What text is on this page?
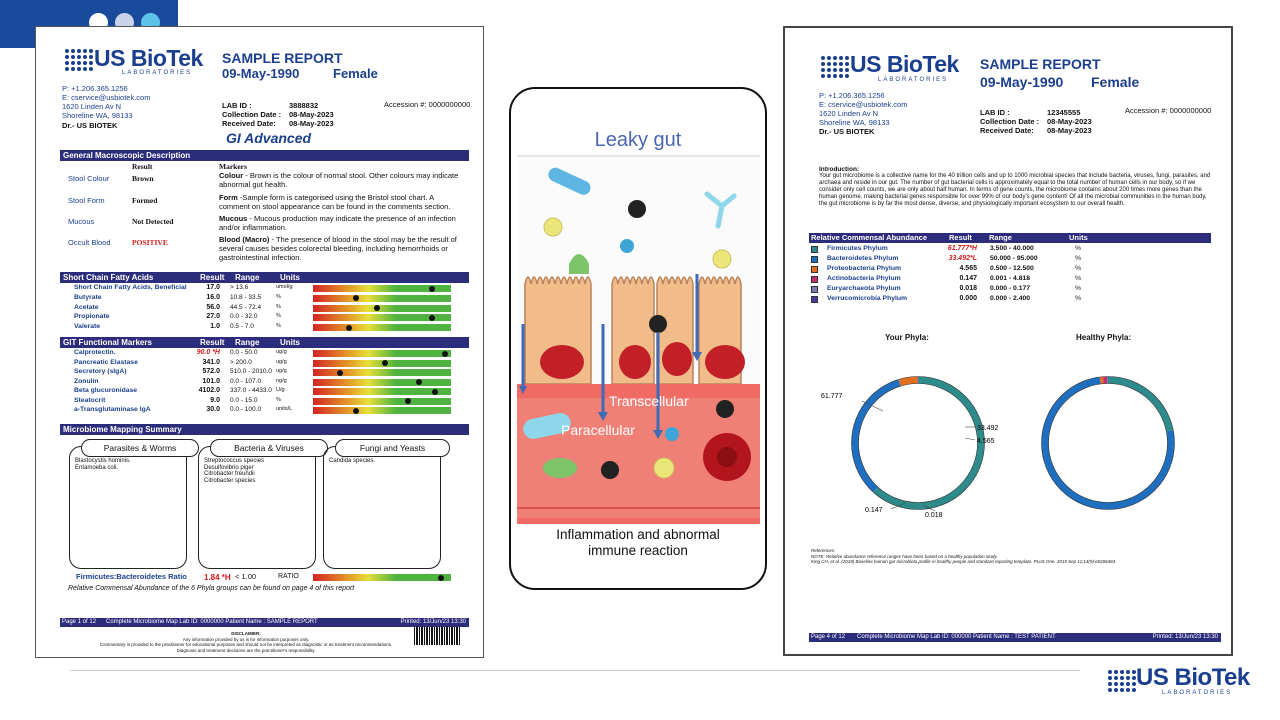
US BioTek
LABORATORIES
SAMPLE REPORT
09-May-1990	Female
P: +1.206.365.1256
E: cservice@usbiotek.com
1620 Linden Av N
Shoreline WA, 98133
Dr.- US BIOTEK
LAB ID :
Collection Date :
Received Date:
3888832
08-May-2023
08-May-2023
Accession #: 0000000000
GI Advanced
General Macroscopic Description
Result	Markers
Short Chain Fatty Acids	Result Range	Units
GIT Functional Markers	Result Range	Units
Microbiome Mapping Summary
Firmicutes:Bacteroidetes Ratio 1.84 *H < 1.00	RATIO
Relative Commensal Abundance of the 6 Phyla groups can be found on page 4 of this report
Page 1 of 12 Complete Microbiome Map Lab ID: 0000000 Patient Name : SAMPLE REPORT	Printed: 13/Jun/23 13:30
DISCLAIMER:
Any information provided by us is for information purposes only.
Commentary is provided to the practitioner for educational purposes and should not be interpreted as diagnostic or as treatment recommendations.
Diagnosis and treatment decisions are the practitioner's responsibility.
Stool Colour	Brown	Colour - Brown is the colour of normal stool. Other colours may indicate abnormal gut health.
Stool Form	Formed	Form -Sample form is categorised using the Bristol stool chart. A comment on stool appearance can be found in the comments section.
Mucous	Not Detected	Mucous - Mucous production may indicate the presence of an infection and/or inflammation.
Occult Blood	POSITIVE	Blood (Macro) - The presence of blood in the stool may be the result of several causes besides colorectal bleeding, including hemorrhoids or gastrointestinal infection.
Short Chain Fatty Acids, Beneficial	17.0 > 13.6	umol/g
Butyrate	16.0 10.8 - 33.5	%
Acetate	56.0 44.5 - 72.4	%
Propionate	27.0 0.0 - 32.0	%
Valerate	1.0 0.5 - 7.0	%
Calprotectin.	90.0 *H 0.0 - 50.0	ug/g
Pancreatic Elastase	341.0 > 200.0	ug/g
Secretory (sIgA)	572.0 510.0 - 2010.0 ug/g
Zonulin	101.0 0.0 - 107.0	ng/g
Beta glucuronidase	4102.0 337.0 - 4433.0 U/g
Steatocrit	9.0 0.0 - 15.0	%
a-Transglutaminase IgA	30.0 0.0 - 100.0	units/L
Parasites & Worms
Blastocystis hominis.
Entamoeba coli.
Bacteria & Viruses
Streptococcus species
Desulfovibrio piger
Citrobacter freundii
Citrobacter species
Fungi and Yeasts
Candida species.
Leaky gut
Transcellular
Paracellular
Inflammation and abnormal immune reaction
US BioTek
LABORATORIES
SAMPLE REPORT
09-May-1990 Female
P: +1.206.365.1256
E: cservice@usbiotek.com
1620 Linden Av N
Shoreline WA, 98133
Dr.- US BIOTEK
LAB ID :
Collection Date :
Received Date:
12345555
08-May-2023
08-May-2023
Accession #: 0000000000
Introduction:
Your gut microbiome is a collective name for the 40 trillion cells and up to 1000 microbial species that include bacteria, viruses, fungi, parasites, and archaea and reside in our gut. The number of gut bacterial cells is approximately equal to the total number of human cells in our body, so if we consider only cell counts, we are only about half human. In terms of gene counts, the microbiome contains about 200 times more genes than the human genome, making bacterial genes responsible for over 99% of our body's gene content! Of all the microbial communities in the human body, the gut microbiome is by far the most dense, diverse, and physiologically important ecosystem to our overall health.
Relative Commensal Abundance	Result Range	Units
Your Phyla:	Healthy Phyla:
61.777
33.492
4.565
0.147
0.018
References:
NOTE: Relative abundance reference ranges have been based on a healthy population study.
King CH, et al. (2019) Baseline human gut microbiota profile in healthy people and standard reporting template. PLoS One. 2019 Sep 11;14(9):e0206484.
Page 4 of 12 Complete Microbiome Map Lab ID: 000000 Patient Name : TEST PATIENT	Printed: 13/Jun/23 13:30
Firmicutes Phylum	61.777*H 3.500 - 40.000	%
Bacteroidetes Phylum	33.492*L 50.000 - 95.000	%
Proteobacteria Phylum	4.565 0.500 - 12.500	%
Actinobacteria Phylum	0.147 0.001 - 4.818	%
Euryarchaeota Phylum	0.018 0.000 - 0.177	%
Verrucomicrobia Phylum	0.000 0.000 - 2.400	%
US BioTek
LABORATORIES
